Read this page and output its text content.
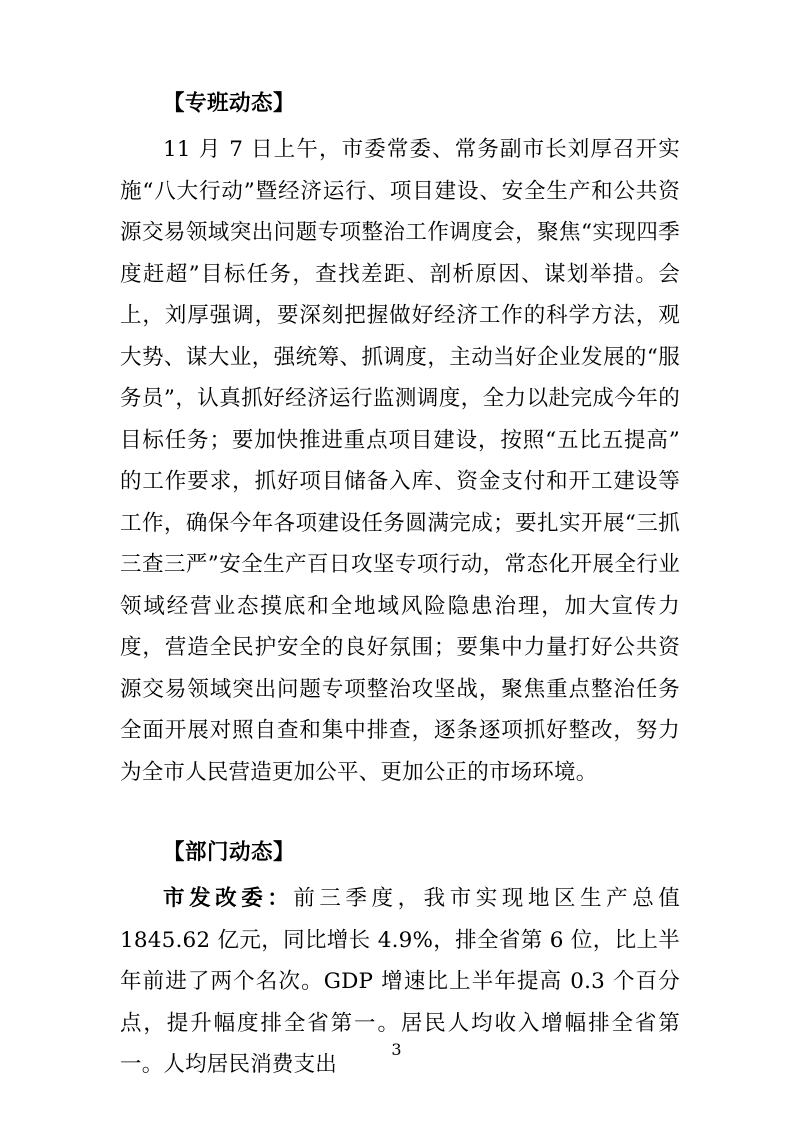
【专班动态】

11 月 7 日上午，市委常委、常务副市长刘厚召开实施“八大行动”暨经济运行、项目建设、安全生产和公共资源交易领域突出问题专项整治工作调度会，聚焦“实现四季度赶超”目标任务，查找差距、剖析原因、谋划举措。会上，刘厚强调，要深刻把握做好经济工作的科学方法，观大势、谋大业，强统筹、抓调度，主动当好企业发展的“服务员”，认真抓好经济运行监测调度，全力以赴完成今年的目标任务；要加快推进重点项目建设，按照“五比五提高”的工作要求，抓好项目储备入库、资金支付和开工建设等工作，确保今年各项建设任务圆满完成；要扎实开展“三抓三查三严”安全生产百日攻坚专项行动，常态化开展全行业领域经营业态摸底和全地域风险隐患治理，加大宣传力度，营造全民护安全的良好氛围；要集中力量打好公共资源交易领域突出问题专项整治攻坚战，聚焦重点整治任务全面开展对照自查和集中排查，逐条逐项抓好整改，努力为全市人民营造更加公平、更加公正的市场环境。

【部门动态】

市发改委：前三季度，我市实现地区生产总值 1845.62 亿元，同比增长 4.9%，排全省第 6 位，比上半年前进了两个名次。GDP 增速比上半年提高 0.3 个百分点，提升幅度排全省第一。居民人均收入增幅排全省第一。人均居民消费支出

3
